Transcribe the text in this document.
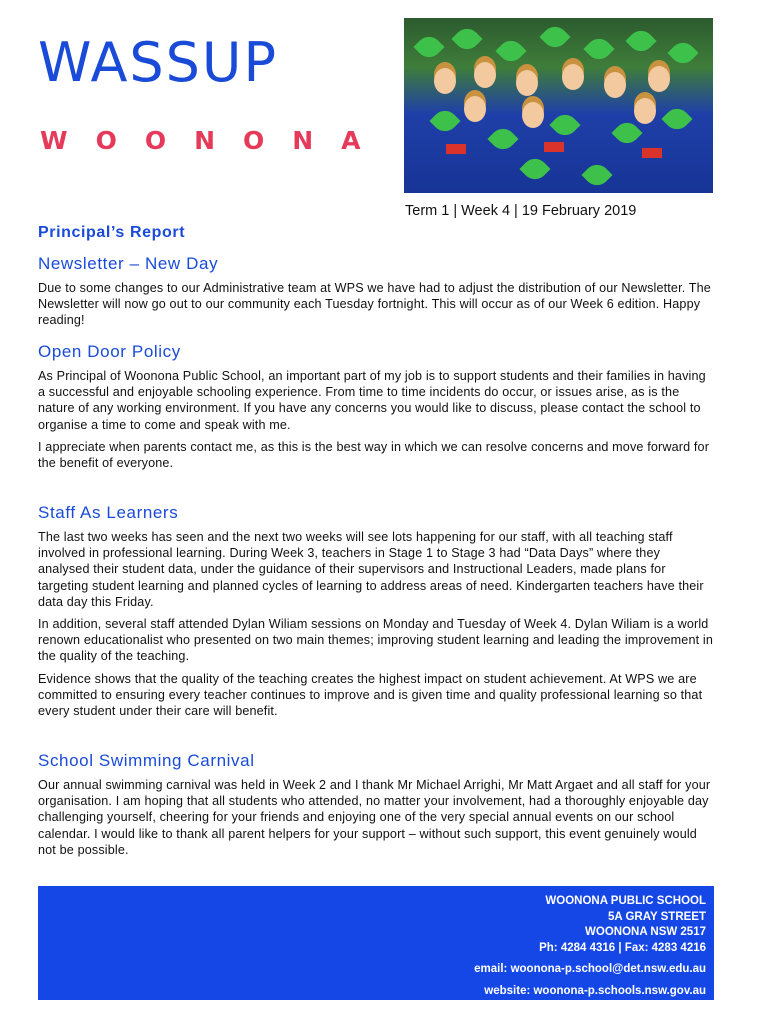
WASSUP
WOONONA
Term 1 | Week 4 | 19 February 2019
Principal’s Report
Newsletter – New Day

Due to some changes to our Administrative team at WPS we have had to adjust the distribution of our Newsletter. The Newsletter will now go out to our community each Tuesday fortnight. This will occur as of our Week 6 edition. Happy reading!

Open Door Policy

As Principal of Woonona Public School, an important part of my job is to support students and their families in having a successful and enjoyable schooling experience. From time to time incidents do occur, or issues arise, as is the nature of any working environment. If you have any concerns you would like to discuss, please contact the school to organise a time to come and speak with me.

I appreciate when parents contact me, as this is the best way in which we can resolve concerns and move forward for the benefit of everyone.

Staff As Learners

The last two weeks has seen and the next two weeks will see lots happening for our staff, with all teaching staff involved in professional learning. During Week 3, teachers in Stage 1 to Stage 3 had “Data Days” where they analysed their student data, under the guidance of their supervisors and Instructional Leaders, made plans for targeting student learning and planned cycles of learning to address areas of need. Kindergarten teachers have their data day this Friday.

In addition, several staff attended Dylan Wiliam sessions on Monday and Tuesday of Week 4. Dylan Wiliam is a world renown educationalist who presented on two main themes; improving student learning and leading the improvement in the quality of the teaching.

Evidence shows that the quality of the teaching creates the highest impact on student achievement. At WPS we are committed to ensuring every teacher continues to improve and is given time and quality professional learning so that every student under their care will benefit.

School Swimming Carnival

Our annual swimming carnival was held in Week 2 and I thank Mr Michael Arrighi, Mr Matt Argaet and all staff for your organisation. I am hoping that all students who attended, no matter your involvement, had a thoroughly enjoyable day challenging yourself, cheering for your friends and enjoying one of the very special annual events on our school calendar. I would like to thank all parent helpers for your support – without such support, this event genuinely would not be possible.

WOONONA PUBLIC SCHOOL
5A GRAY STREET
WOONONA NSW 2517
Ph: 4284 4316 | Fax: 4283 4216
email: woonona-p.school@det.nsw.edu.au
website: woonona-p.schools.nsw.gov.au
